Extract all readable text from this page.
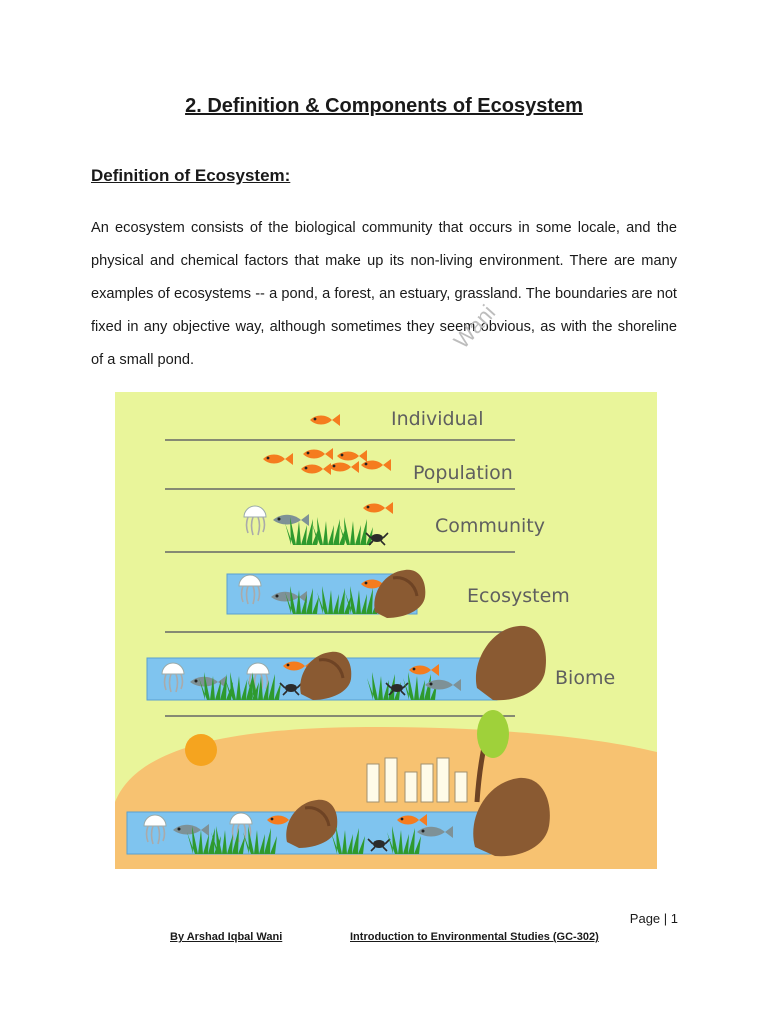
2. Definition & Components of Ecosystem
Definition of Ecosystem:
An ecosystem consists of the biological community that occurs in some locale, and the physical and chemical factors that make up its non-living environment. There are many examples of ecosystems -- a pond, a forest, an estuary, grassland. The boundaries are not fixed in any objective way, although sometimes they seem obvious, as with the shoreline of a small pond.
Wani
Individual
Population
Community
Ecosystem
Biome
Page | 1
By Arshad Iqbal Wani	Introduction to Environmental Studies (GC-302)
